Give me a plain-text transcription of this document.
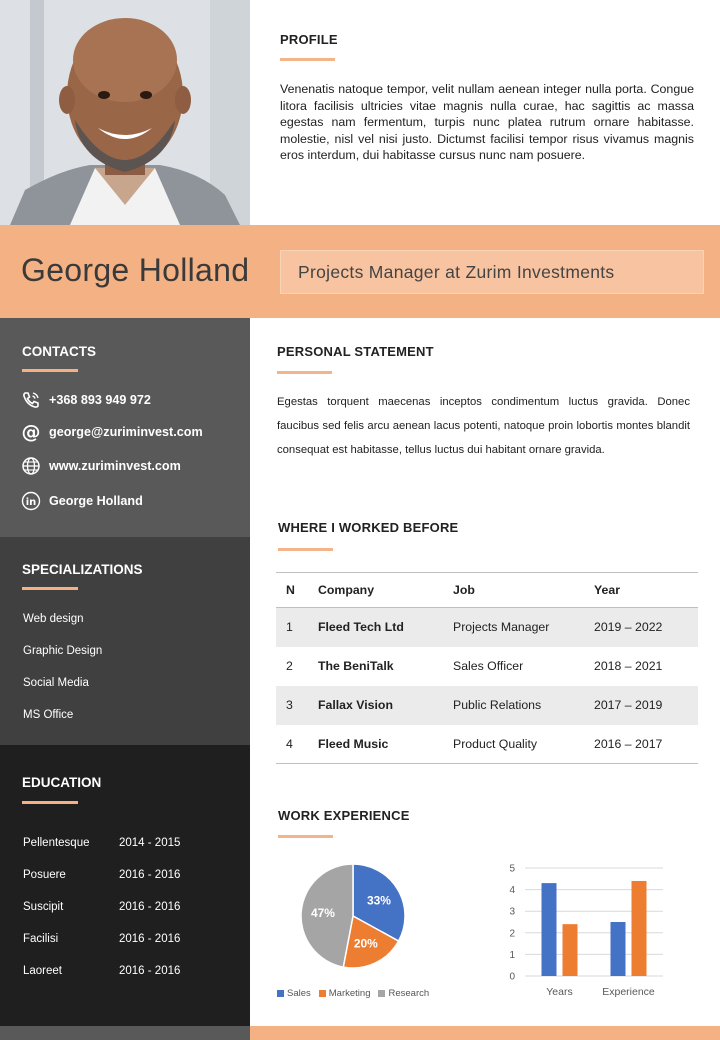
PROFILE

Venenatis natoque tempor, velit nullam aenean integer nulla porta. Congue litora facilisis ultricies vitae magnis nulla curae, hac sagittis ac massa egestas nam fermentum, turpis nunc platea rutrum ornare habitasse. molestie, nisl vel nisi justo. Dictumst facilisi tempor risus vivamus magnis eros interdum, dui habitasse cursus nunc nam posuere.

George Holland	Projects Manager at Zurim Investments
CONTACTS
+368 893 949 972
@ george@zuriminvest.com
www.zuriminvest.com
in George Holland
SPECIALIZATIONS
Web design
Graphic Design
Social Media
MS Office
EDUCATION
Pellentesque	2014 - 2015
Posuere	2016 - 2016
Suscipit	2016 - 2016
Facilisi	2016 - 2016
Laoreet	2016 - 2016
PERSONAL STATEMENT
Egestas torquent maecenas inceptos condimentum luctus gravida. Donec faucibus sed felis arcu aenean lacus potenti, natoque proin lobortis montes blandit consequat est habitasse, tellus luctus dui habitant ornare gravida.
WHERE I WORKED BEFORE
N	Company	Job	Year
1	Fleed Tech Ltd	Projects Manager	2019 – 2022
2	The BeniTalk	Sales Officer	2018 – 2021
3	Fallax Vision	Public Relations	2017 – 2019
4	Fleed Music	Product Quality	2016 – 2017
WORK EXPERIENCE
33%
20%
47%
Sales Marketing Research
0
1
2
3
4
5
Years	Experience
